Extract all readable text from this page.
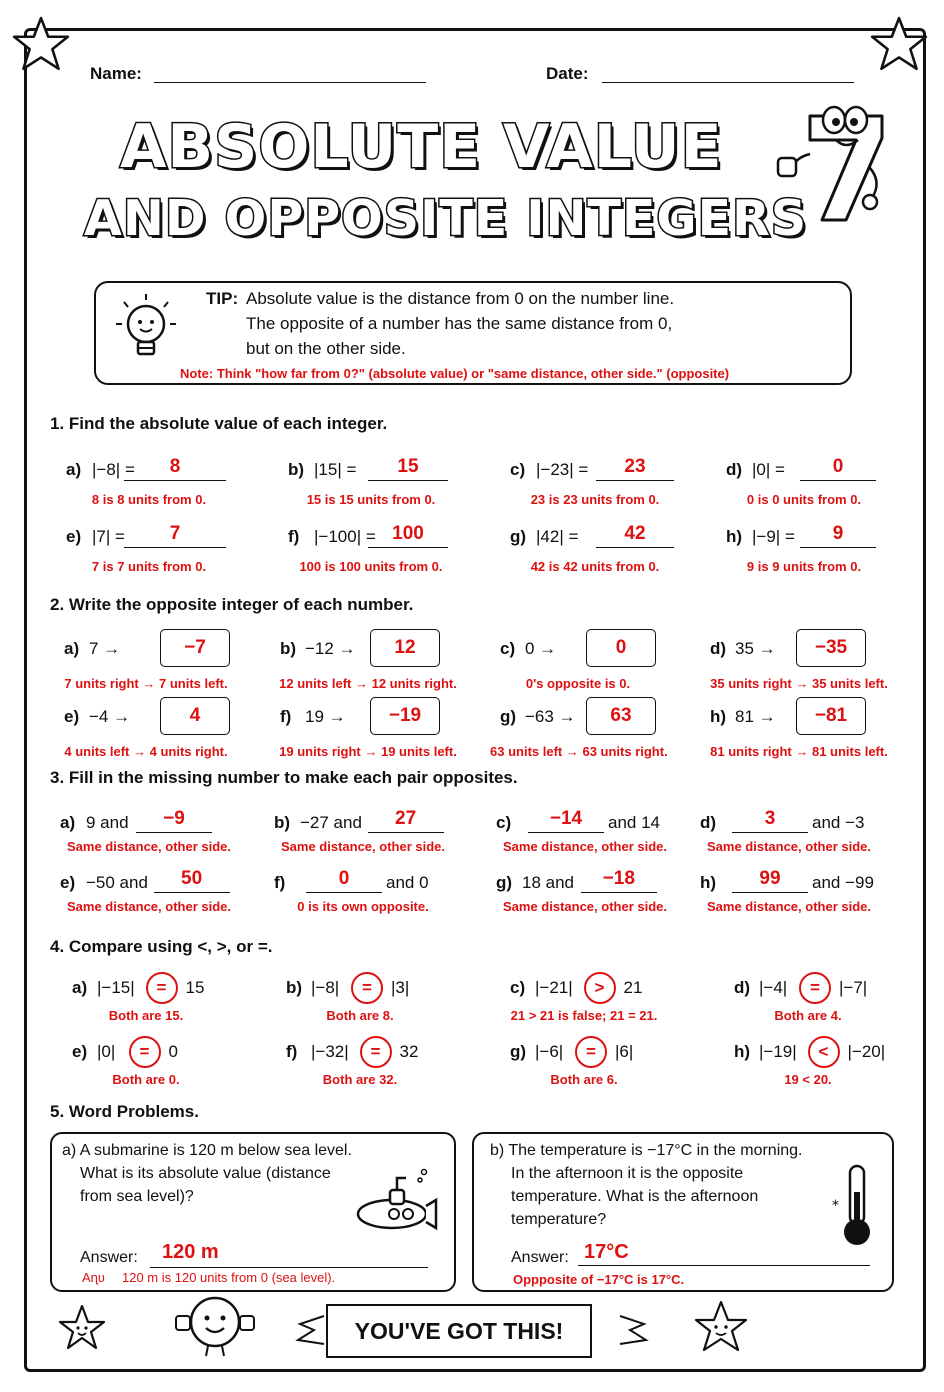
Name:	Date:
ABSOLUTE VALUE
AND OPPOSITE INTEGERS
TIP: Absolute value is the distance from 0 on the number line.
The opposite of a number has the same distance from 0,
but on the other side.
Note: Think "how far from 0?" (absolute value) or "same distance, other side." (opposite)
1. Find the absolute value of each integer.
2. Write the opposite integer of each number.
3. Fill in the missing number to make each pair opposites.
4. Compare using <, >, or =.
5. Word Problems.
a) A submarine is 120 m below sea level.
What is its absolute value (distance
from sea level)?
Answer: 120 m
Aɳʋ 120 m is 120 units from 0 (sea level).
b) The temperature is −17°C in the morning.
In the afternoon it is the opposite
temperature. What is the afternoon
temperature?
*
Answer: 17°C
Oppposite of −17°C is 17°C.
YOU'VE GOT THIS!
a) |−8| =	8
8 is 8 units from 0.
b) |15| =	15
15 is 15 units from 0.
c) |−23| =	23
23 is 23 units from 0.
d) |0| =	0
0 is 0 units from 0.
e) |7| =	7
7 is 7 units from 0.
f) |−100| = 100
100 is 100 units from 0.
g) |42| =	42
42 is 42 units from 0.
h) |−9| =	9
9 is 9 units from 0.
a) 7 →	−7
7 units right → 7 units left.
b) −12 →	12
12 units left → 12 units right.
c) 0 →	0
0's opposite is 0.
d) 35 →	−35
35 units right → 35 units left.
e) −4 →	4
4 units left → 4 units right.
f) 19 →	−19
19 units right → 19 units left.
g) −63 →	63
63 units left → 63 units right.
h) 81 →	−81
81 units right → 81 units left.
a) 9 and	−9
Same distance, other side.
b) −27 and	27
Same distance, other side.
c)	−14	and 14
Same distance, other side.
d)	3	and −3
Same distance, other side.
e) −50 and	50
Same distance, other side.
f)	0	and 0
0 is its own opposite.
g) 18 and	−18
Same distance, other side.
h)	99	and −99
Same distance, other side.
a) |−15|	=	15
Both are 15.
b) |−8|	=	|3|
Both are 8.
c) |−21|	>	21
21 > 21 is false; 21 = 21.
d) |−4|	=	|−7|
Both are 4.
e) |0|	=	0
Both are 0.
f) |−32|	=	32
Both are 32.
g) |−6|	=	|6|
Both are 6.
h) |−19|	<	|−20|
19 < 20.
